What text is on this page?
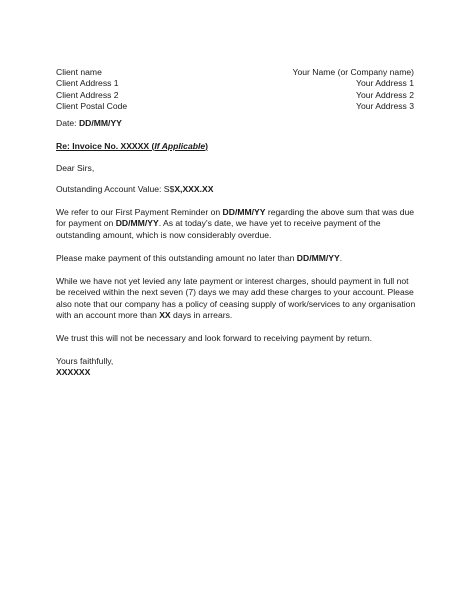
Client name
Client Address 1
Client Address 2
Client Postal Code
Your Name (or Company name)
Your Address 1
Your Address 2
Your Address 3
Date: DD/MM/YY
Re: Invoice No. XXXXX (If Applicable)
Dear Sirs,
Outstanding Account Value: S$X,XXX.XX

We refer to our First Payment Reminder on DD/MM/YY regarding the above sum that was due for payment on DD/MM/YY. As at today's date, we have yet to receive payment of the outstanding amount, which is now considerably overdue.

Please make payment of this outstanding amount no later than DD/MM/YY.

While we have not yet levied any late payment or interest charges, should payment in full not be received within the next seven (7) days we may add these charges to your account. Please also note that our company has a policy of ceasing supply of work/services to any organisation with an account more than XX days in arrears.

We trust this will not be necessary and look forward to receiving payment by return.

Yours faithfully,
XXXXXX
